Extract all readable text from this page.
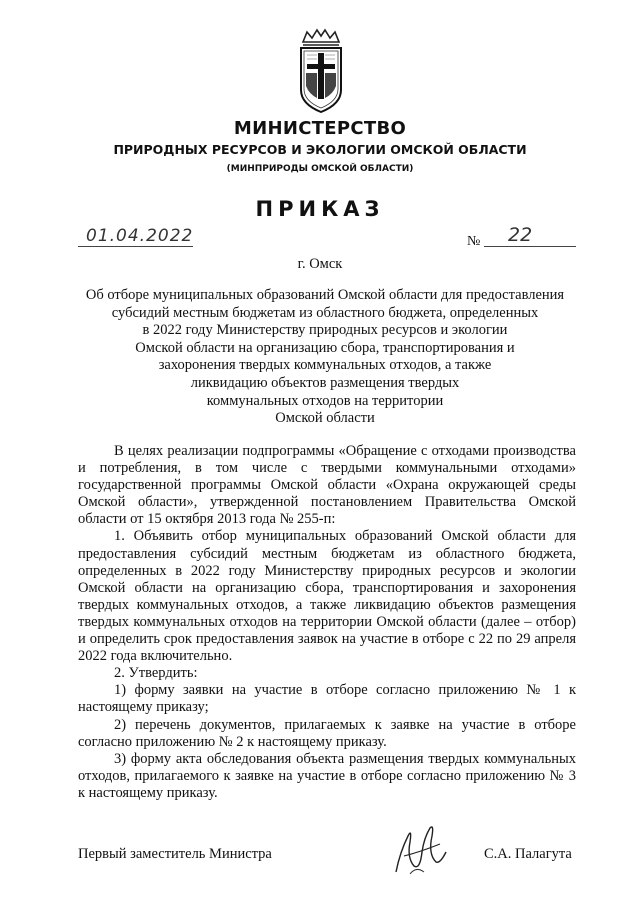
МИНИСТЕРСТВО
ПРИРОДНЫХ РЕСУРСОВ И ЭКОЛОГИИ ОМСКОЙ ОБЛАСТИ
(МИНПРИРОДЫ ОМСКОЙ ОБЛАСТИ)
ПРИКАЗ
01.04.2022	№ 22
г. Омск
Об отборе муниципальных образований Омской области для предоставления
субсидий местным бюджетам из областного бюджета, определенных
в 2022 году Министерству природных ресурсов и экологии
Омской области на организацию сбора, транспортирования и
захоронения твердых коммунальных отходов, а также
ликвидацию объектов размещения твердых
коммунальных отходов на территории
Омской области

В целях реализации подпрограммы «Обращение с отходами производства и потребления, в том числе с твердыми коммунальными отходами» государственной программы Омской области «Охрана окружающей среды Омской области», утвержденной постановлением Правительства Омской области от 15 октября 2013 года № 255-п:

1. Объявить отбор муниципальных образований Омской области для предоставления субсидий местным бюджетам из областного бюджета, определенных в 2022 году Министерству природных ресурсов и экологии Омской области на организацию сбора, транспортирования и захоронения твердых коммунальных отходов, а также ликвидацию объектов размещения твердых коммунальных отходов на территории Омской области (далее – отбор) и определить срок предоставления заявок на участие в отборе с 22 по 29 апреля 2022 года включительно.

2. Утвердить:

1) форму заявки на участие в отборе согласно приложению № 1 к настоящему приказу;

2) перечень документов, прилагаемых к заявке на участие в отборе согласно приложению № 2 к настоящему приказу.

3) форму акта обследования объекта размещения твердых коммунальных отходов, прилагаемого к заявке на участие в отборе согласно приложению № 3 к настоящему приказу.

Первый заместитель Министра	С.А. Палагута
